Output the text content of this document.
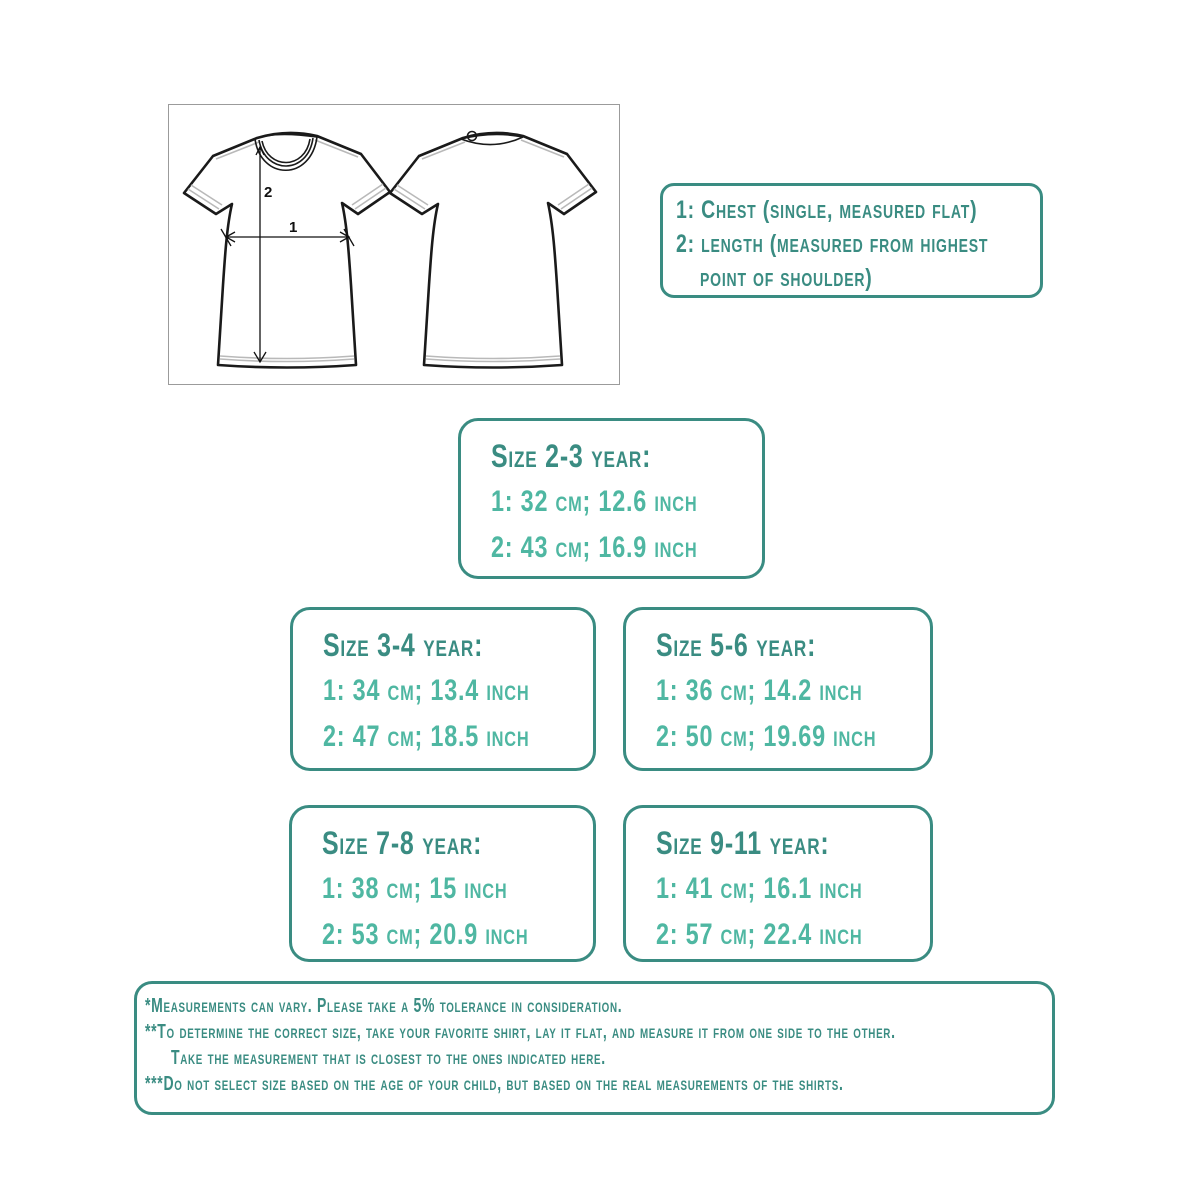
2
1
1: Chest (single, measured flat)
2: length (measured from highest
point of shoulder)
Size 2-3 year:
1: 32 cm; 12.6 inch
2: 43 cm; 16.9 inch
Size 3-4 year:
1: 34 cm; 13.4 inch
2: 47 cm; 18.5 inch
Size 5-6 year:
1: 36 cm; 14.2 inch
2: 50 cm; 19.69 inch
Size 7-8 year:
1: 38 cm; 15 inch
2: 53 cm; 20.9 inch
Size 9-11 year:
1: 41 cm; 16.1 inch
2: 57 cm; 22.4 inch
*Measurements can vary. Please take a 5% tolerance in consideration.
**To determine the correct size, take your favorite shirt, lay it flat, and measure it from one side to the other.
Take the measurement that is closest to the ones indicated here.
***Do not select size based on the age of your child, but based on the real measurements of the shirts.
